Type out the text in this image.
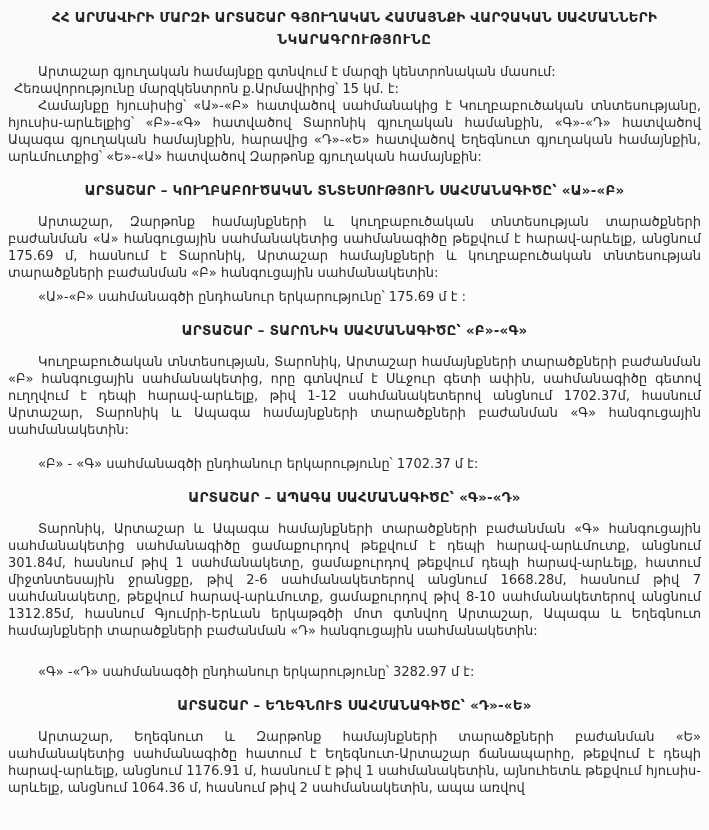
ՀՀ ԱՐՄԱՎԻՐԻ ՄԱՐԶԻ ԱՐՏԱՇԱՐ ԳՅՈՒՂԱԿԱՆ ՀԱՄԱՅՆՔԻ ՎԱՐՉԱԿԱՆ ՍԱՀՄԱՆՆԵՐԻ
ՆԿԱՐԱԳՐՈՒԹՅՈՒՆԸ

Արտաշար գյուղական համայնքը գտնվում է մարզի կենտրոնական մասում:

Հեռավորությունը մարզկենտրոն ք.Արմավիրից՝ 15 կմ. է:

Համայնքը հյուսիսից՝ «Ա»-«Բ» հատվածով սահմանակից է Կուղբաբուծական տնտեսությանը, հյուսիս-արևելքից՝ «Բ»-«Գ» հատվածով Տարոնիկ գյուղական համանքին, «Գ»-«Դ» հատվածով Ապագա գյուղական համայնքին, հարավից «Դ»-«Ե» հատվածով Եղեգնուտ գյուղական համայնքին, արևմուտքից՝ «Ե»-«Ա» հատվածով Զարթոնք գյուղական համայնքին:

ԱՐՏԱՇԱՐ – ԿՈՒՂԲԱԲՈՒԾԱԿԱՆ ՏՆՏԵՍՈՒԹՅՈՒՆ ՍԱՀՄԱՆԱԳԻԾԸ՝ «Ա»-«Բ»

Արտաշար, Զարթոնք համայնքների և կուղբաբուծական տնտեսության տարածքների բաժանման «Ա» հանգուցային սահմանակետից սահմանագիծը թեքվում է հարավ-արևելք, անցնում 175.69 մ, հասնում է Տարոնիկ, Արտաշար համայնքների և կուղբաբուծական տնտեսության տարածքների բաժանման «Բ» հանգուցային սահմանակետին:

«Ա»-«Բ» սահմանագծի ընդհանուր երկարությունը՝ 175.69 մ է :

ԱՐՏԱՇԱՐ – ՏԱՐՈՆԻԿ ՍԱՀՄԱՆԱԳԻԾԸ՝ «Բ»-«Գ»

Կուղբաբուծական տնտեսության, Տարոնիկ, Արտաշար համայնքների տարածքների բաժանման «Բ» հանգուցային սահմանակետից, որը գտնվում է Սևջուր գետի ափին, սահմանագիծը գետով ուղղվում է դեպի հարավ-արևելք, թիվ 1-12 սահմանակետերով անցնում 1702.37մ, հասնում Արտաշար, Տարոնիկ և Ապագա համայնքների տարածքների բաժանման «Գ» հանգուցային սահմանակետին:

«Բ» - «Գ» սահմանագծի ընդհանուր երկարությունը՝ 1702.37 մ է:

ԱՐՏԱՇԱՐ – ԱՊԱԳԱ ՍԱՀՄԱՆԱԳԻԾԸ՝ «Գ»-«Դ»

Տարոնիկ, Արտաշար և Ապագա համայնքների տարածքների բաժանման «Գ» հանգուցային սահմանակետից սահմանագիծը ցամաքուրդով թեքվում է դեպի հարավ-արևմուտք, անցնում 301.84մ, հասնում թիվ 1 սահմանակետը, ցամաքուրդով թեքվում դեպի հարավ-արևելք, հատում միջտնտեսային ջրանցքը, թիվ 2-6 սահմանակետերով անցնում 1668.28մ, հասնում թիվ 7 սահմանակետը, թեքվում հարավ-արևմուտք, ցամաքուրդով թիվ 8-10 սահմանակետերով անցնում 1312.85մ, հասնում Գյումրի-Երևան երկաթգծի մոտ գտնվող Արտաշար, Ապագա և Եղեգնուտ համայնքների տարածքների բաժանման «Դ» հանգուցային սահմանակետին:

«Գ» -«Դ» սահմանագծի ընդհանուր երկարությունը՝ 3282.97 մ է:

ԱՐՏԱՇԱՐ – ԵՂԵԳՆՈՒՏ ՍԱՀՄԱՆԱԳԻԾԸ՝ «Դ»-«Ե»

Արտաշար, Եղեգնուտ և Զարթոնք համայնքների տարածքների բաժանման «Ե» սահմանակետից սահմանագիծը հատում է Եղեգնուտ-Արտաշար ճանապարհը, թեքվում է դեպի հարավ-արևելք, անցնում 1176.91 մ, հասնում է թիվ 1 սահմանակետին, այնուհետև թեքվում հյուսիս-արևելք, անցնում 1064.36 մ, հասնում թիվ 2 սահմանակետին, ապա առվով
